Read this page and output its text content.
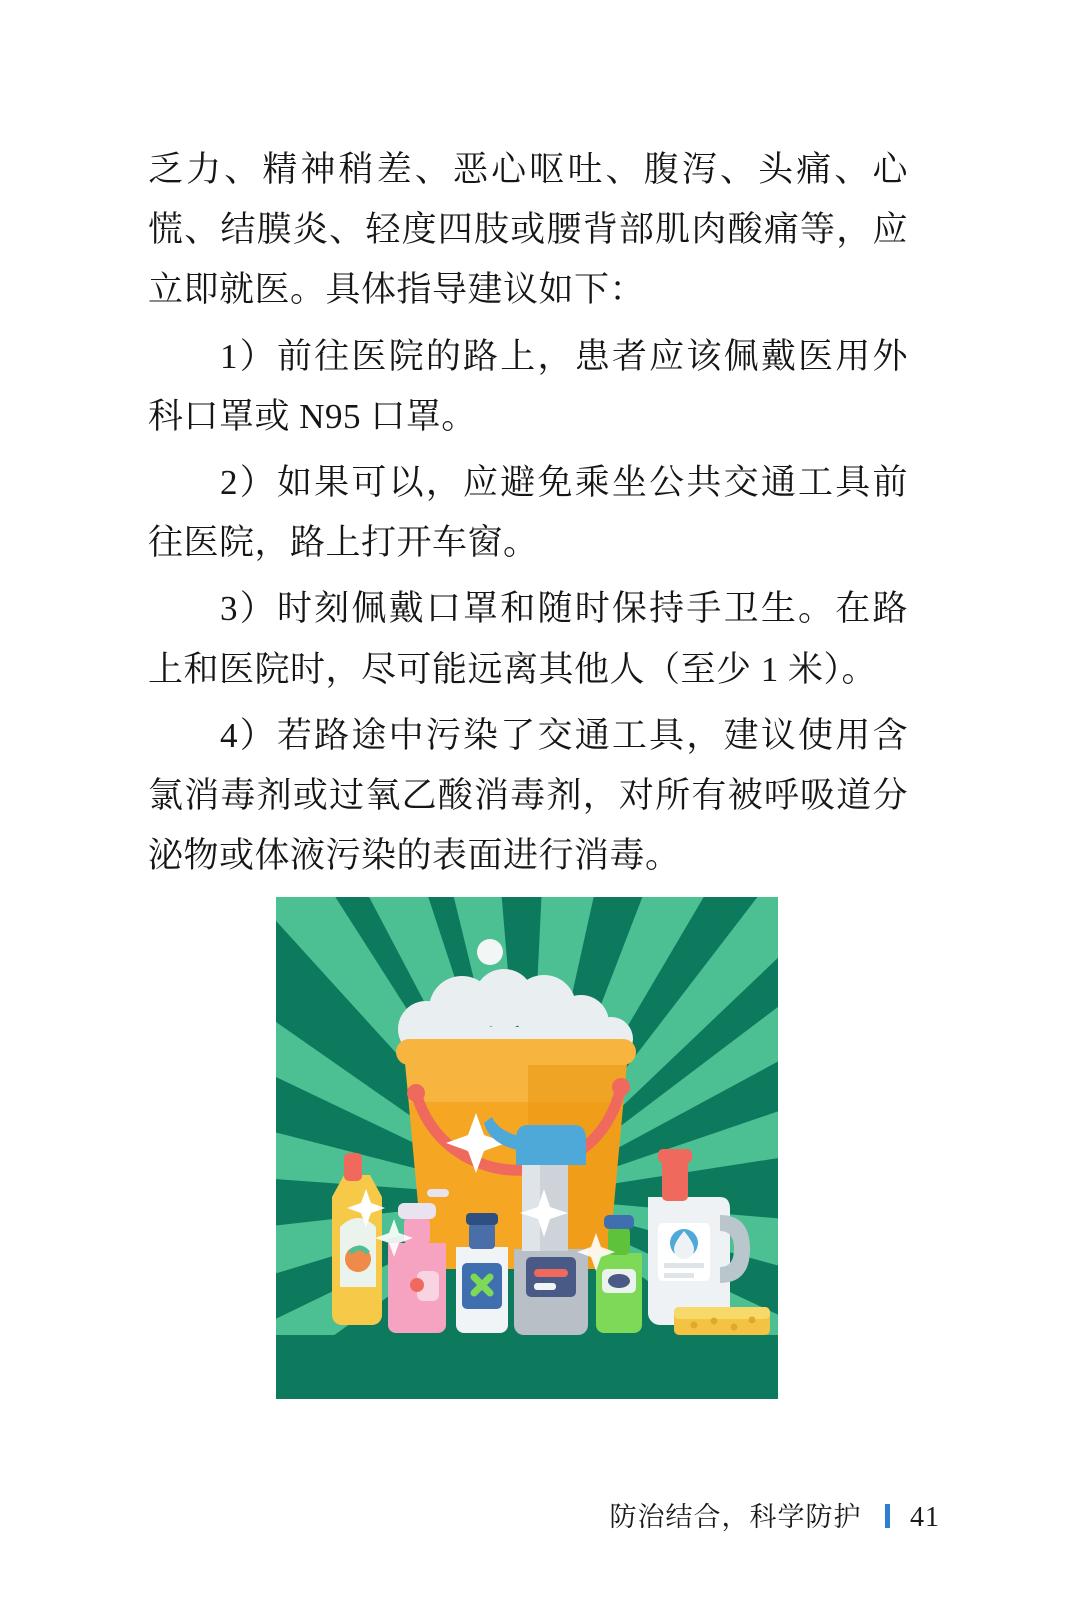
乏力、精神稍差、恶心呕吐、腹泻、头痛、心慌、结膜炎、轻度四肢或腰背部肌肉酸痛等，应立即就医。具体指导建议如下：

1）前往医院的路上，患者应该佩戴医用外科口罩或 N95 口罩。

2）如果可以，应避免乘坐公共交通工具前往医院，路上打开车窗。

3）时刻佩戴口罩和随时保持手卫生。在路上和医院时，尽可能远离其他人（至少 1 米）。

4）若路途中污染了交通工具，建议使用含氯消毒剂或过氧乙酸消毒剂，对所有被呼吸道分泌物或体液污染的表面进行消毒。

防治结合，科学防护 41
